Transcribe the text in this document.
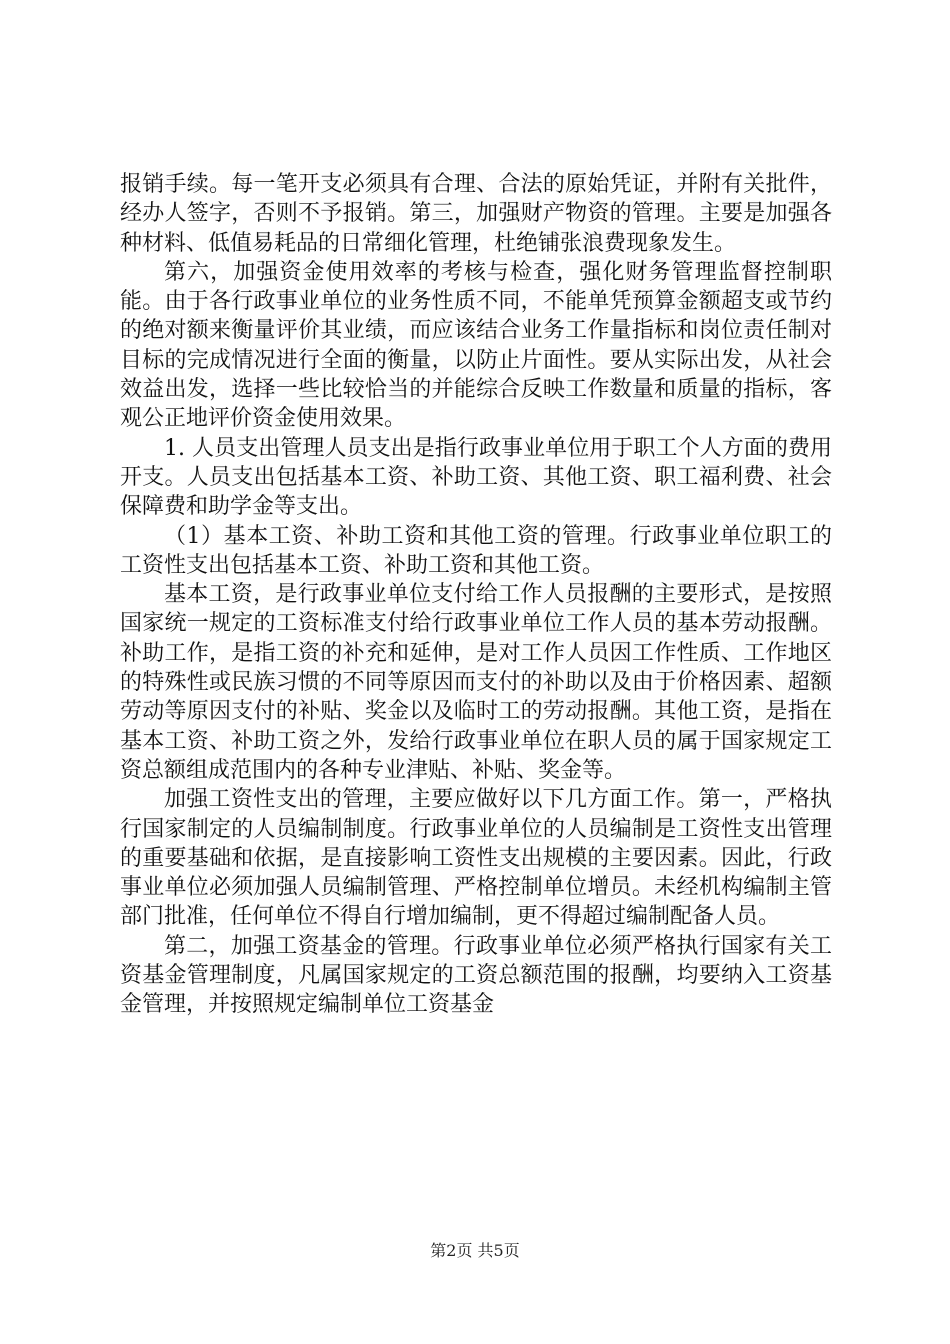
报销手续。每一笔开支必须具有合理、合法的原始凭证，并附有关批件，经办人签字，否则不予报销。第三，加强财产物资的管理。主要是加强各种材料、低值易耗品的日常细化管理，杜绝铺张浪费现象发生。

第六，加强资金使用效率的考核与检查，强化财务管理监督控制职能。由于各行政事业单位的业务性质不同，不能单凭预算金额超支或节约的绝对额来衡量评价其业绩，而应该结合业务工作量指标和岗位责任制对目标的完成情况进行全面的衡量，以防止片面性。要从实际出发，从社会效益出发，选择一些比较恰当的并能综合反映工作数量和质量的指标，客观公正地评价资金使用效果。

1. 人员支出管理人员支出是指行政事业单位用于职工个人方面的费用开支。人员支出包括基本工资、补助工资、其他工资、职工福利费、社会保障费和助学金等支出。

（1）基本工资、补助工资和其他工资的管理。行政事业单位职工的工资性支出包括基本工资、补助工资和其他工资。

基本工资，是行政事业单位支付给工作人员报酬的主要形式，是按照国家统一规定的工资标准支付给行政事业单位工作人员的基本劳动报酬。补助工作，是指工资的补充和延伸，是对工作人员因工作性质、工作地区的特殊性或民族习惯的不同等原因而支付的补助以及由于价格因素、超额劳动等原因支付的补贴、奖金以及临时工的劳动报酬。其他工资，是指在基本工资、补助工资之外，发给行政事业单位在职人员的属于国家规定工资总额组成范围内的各种专业津贴、补贴、奖金等。

加强工资性支出的管理，主要应做好以下几方面工作。第一，严格执行国家制定的人员编制制度。行政事业单位的人员编制是工资性支出管理的重要基础和依据，是直接影响工资性支出规模的主要因素。因此，行政事业单位必须加强人员编制管理、严格控制单位增员。未经机构编制主管部门批准，任何单位不得自行增加编制，更不得超过编制配备人员。

第二，加强工资基金的管理。行政事业单位必须严格执行国家有关工资基金管理制度，凡属国家规定的工资总额范围的报酬，均要纳入工资基金管理，并按照规定编制单位工资基金

第2页 共5页
